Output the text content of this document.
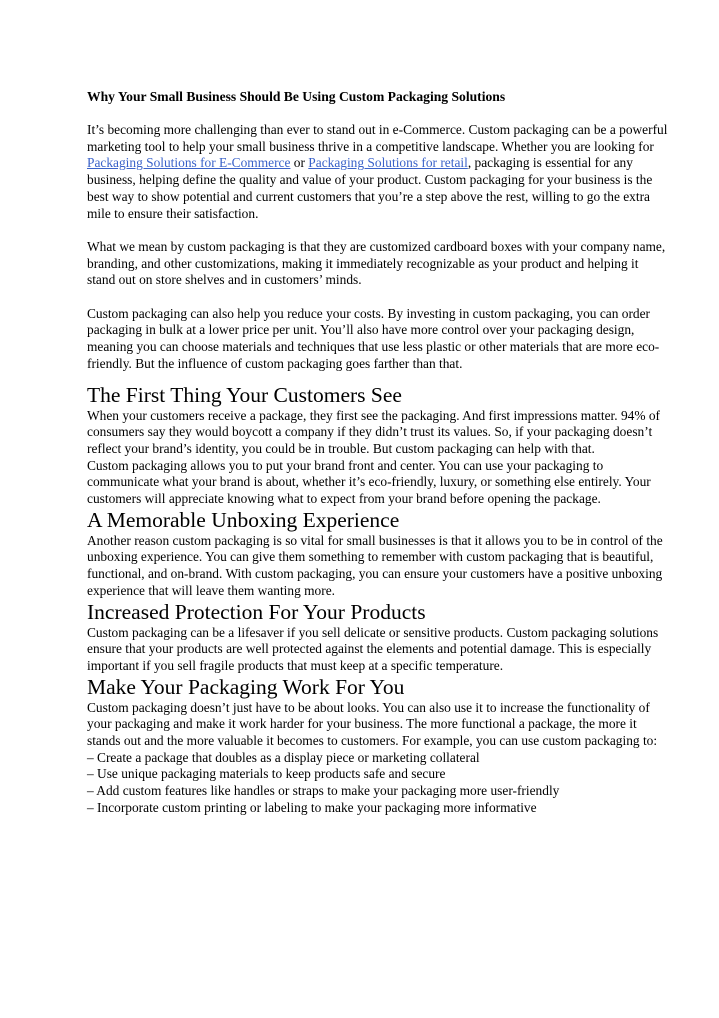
Why Your Small Business Should Be Using Custom Packaging Solutions

It’s becoming more challenging than ever to stand out in e-Commerce. Custom packaging can be a powerful marketing tool to help your small business thrive in a competitive landscape. Whether you are looking for Packaging Solutions for E-Commerce or Packaging Solutions for retail, packaging is essential for any business, helping define the quality and value of your product. Custom packaging for your business is the best way to show potential and current customers that you’re a step above the rest, willing to go the extra mile to ensure their satisfaction.

What we mean by custom packaging is that they are customized cardboard boxes with your company name, branding, and other customizations, making it immediately recognizable as your product and helping it stand out on store shelves and in customers’ minds.

Custom packaging can also help you reduce your costs. By investing in custom packaging, you can order packaging in bulk at a lower price per unit. You’ll also have more control over your packaging design, meaning you can choose materials and techniques that use less plastic or other materials that are more eco-friendly. But the influence of custom packaging goes farther than that.

The First Thing Your Customers See

When your customers receive a package, they first see the packaging. And first impressions matter. 94% of consumers say they would boycott a company if they didn’t trust its values. So, if your packaging doesn’t reflect your brand’s identity, you could be in trouble. But custom packaging can help with that.

Custom packaging allows you to put your brand front and center. You can use your packaging to communicate what your brand is about, whether it’s eco-friendly, luxury, or something else entirely. Your customers will appreciate knowing what to expect from your brand before opening the package.

A Memorable Unboxing Experience

Another reason custom packaging is so vital for small businesses is that it allows you to be in control of the unboxing experience. You can give them something to remember with custom packaging that is beautiful, functional, and on-brand. With custom packaging, you can ensure your customers have a positive unboxing experience that will leave them wanting more.

Increased Protection For Your Products

Custom packaging can be a lifesaver if you sell delicate or sensitive products. Custom packaging solutions ensure that your products are well protected against the elements and potential damage. This is especially important if you sell fragile products that must keep at a specific temperature.

Make Your Packaging Work For You

Custom packaging doesn’t just have to be about looks. You can also use it to increase the functionality of your packaging and make it work harder for your business. The more functional a package, the more it stands out and the more valuable it becomes to customers. For example, you can use custom packaging to:

– Create a package that doubles as a display piece or marketing collateral

– Use unique packaging materials to keep products safe and secure

– Add custom features like handles or straps to make your packaging more user-friendly

– Incorporate custom printing or labeling to make your packaging more informative
